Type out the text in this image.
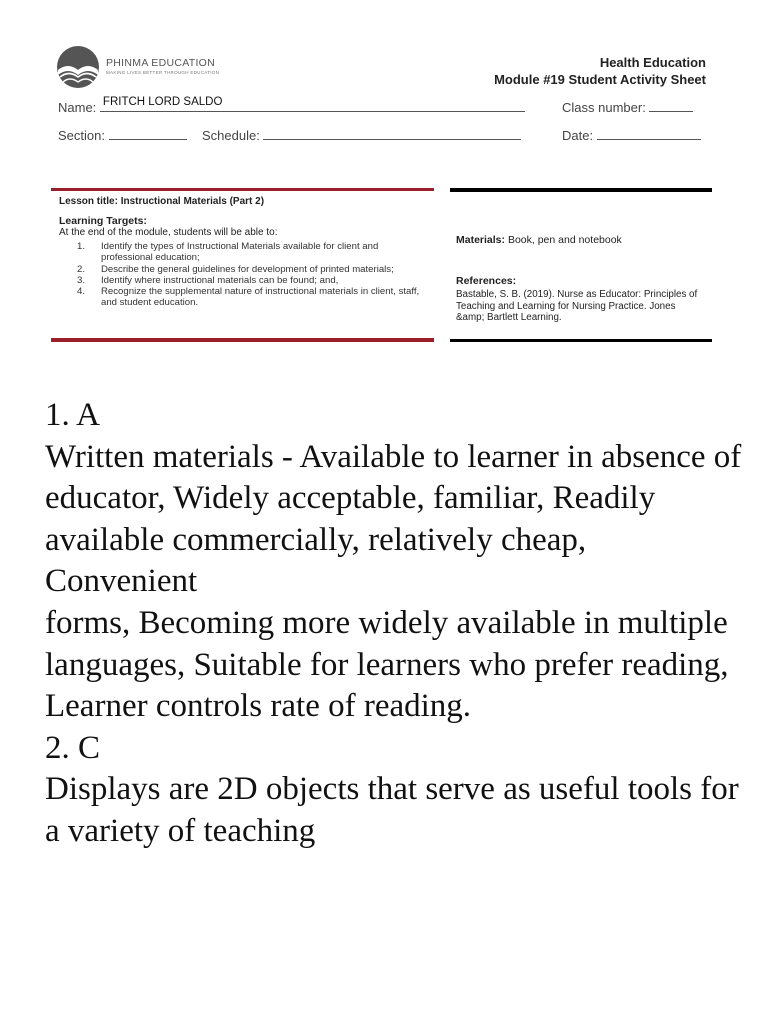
PHINMA EDUCATION
MAKING LIVES BETTER THROUGH EDUCATION
Health Education
Module #19 Student Activity Sheet
Name: FRITCH LORD SALDO	Class number:
Section:	Schedule:	Date:
Lesson title: Instructional Materials (Part 2)
Learning Targets:
At the end of the module, students will be able to:
1. Identify the types of Instructional Materials available for client and professional education;
2. Describe the general guidelines for development of printed materials;
3. Identify where instructional materials can be found; and,
4. Recognize the supplemental nature of instructional materials in client, staff, and student education.
Materials: Book, pen and notebook
References:
Bastable, S. B. (2019). Nurse as Educator: Principles of Teaching and Learning for Nursing Practice. Jones &amp; Bartlett Learning.

1. A

Written materials - Available to learner in absence of educator, Widely acceptable, familiar, Readily available commercially, relatively cheap, Convenient

forms, Becoming more widely available in multiple languages, Suitable for learners who prefer reading, Learner controls rate of reading.

2. C

Displays are 2D objects that serve as useful tools for a variety of teaching
